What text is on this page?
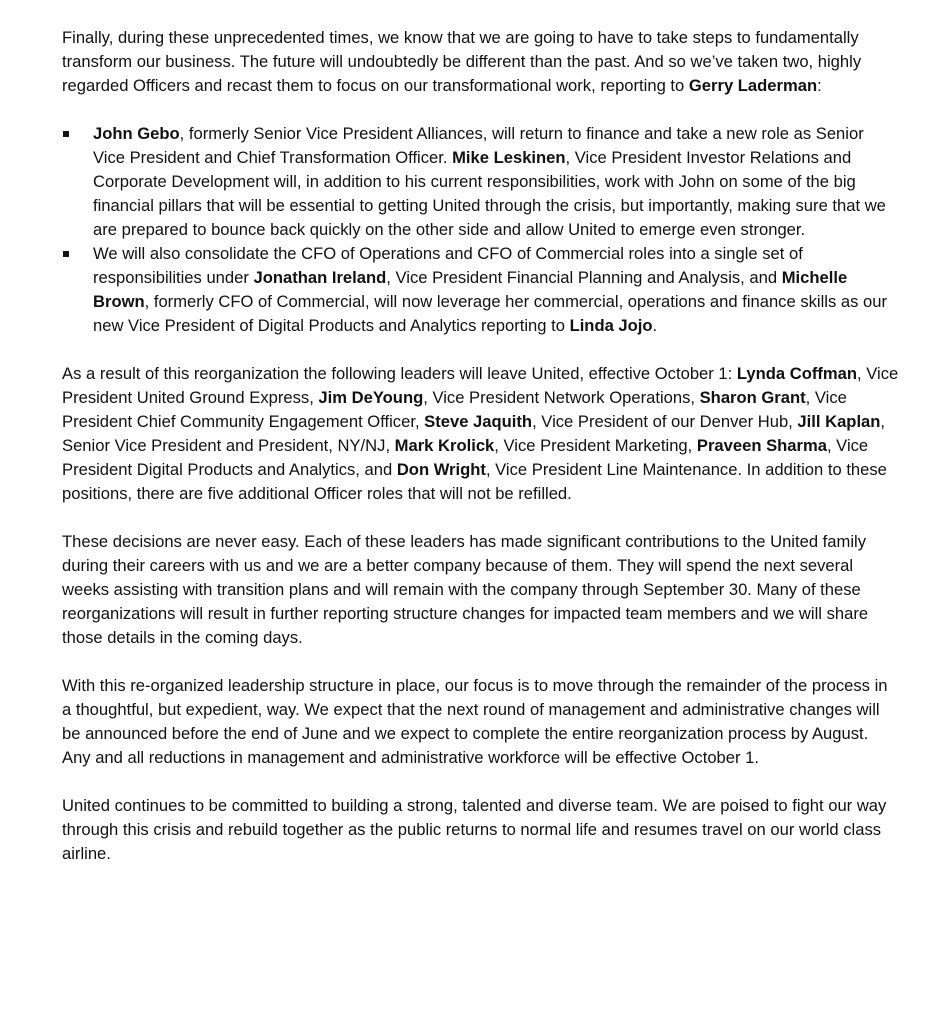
Finally, during these unprecedented times, we know that we are going to have to take steps to fundamentally transform our business. The future will undoubtedly be different than the past. And so we’ve taken two, highly regarded Officers and recast them to focus on our transformational work, reporting to Gerry Laderman:

John Gebo, formerly Senior Vice President Alliances, will return to finance and take a new role as Senior Vice President and Chief Transformation Officer. Mike Leskinen, Vice President Investor Relations and Corporate Development will, in addition to his current responsibilities, work with John on some of the big financial pillars that will be essential to getting United through the crisis, but importantly, making sure that we are prepared to bounce back quickly on the other side and allow United to emerge even stronger.
We will also consolidate the CFO of Operations and CFO of Commercial roles into a single set of responsibilities under Jonathan Ireland, Vice President Financial Planning and Analysis, and Michelle Brown, formerly CFO of Commercial, will now leverage her commercial, operations and finance skills as our new Vice President of Digital Products and Analytics reporting to Linda Jojo.

As a result of this reorganization the following leaders will leave United, effective October 1: Lynda Coffman, Vice President United Ground Express, Jim DeYoung, Vice President Network Operations, Sharon Grant, Vice President Chief Community Engagement Officer, Steve Jaquith, Vice President of our Denver Hub, Jill Kaplan, Senior Vice President and President, NY/NJ, Mark Krolick, Vice President Marketing, Praveen Sharma, Vice President Digital Products and Analytics, and Don Wright, Vice President Line Maintenance. In addition to these positions, there are five additional Officer roles that will not be refilled.

These decisions are never easy. Each of these leaders has made significant contributions to the United family during their careers with us and we are a better company because of them. They will spend the next several weeks assisting with transition plans and will remain with the company through September 30. Many of these reorganizations will result in further reporting structure changes for impacted team members and we will share those details in the coming days.

With this re-organized leadership structure in place, our focus is to move through the remainder of the process in a thoughtful, but expedient, way. We expect that the next round of management and administrative changes will be announced before the end of June and we expect to complete the entire reorganization process by August. Any and all reductions in management and administrative workforce will be effective October 1.

United continues to be committed to building a strong, talented and diverse team. We are poised to fight our way through this crisis and rebuild together as the public returns to normal life and resumes travel on our world class airline.
